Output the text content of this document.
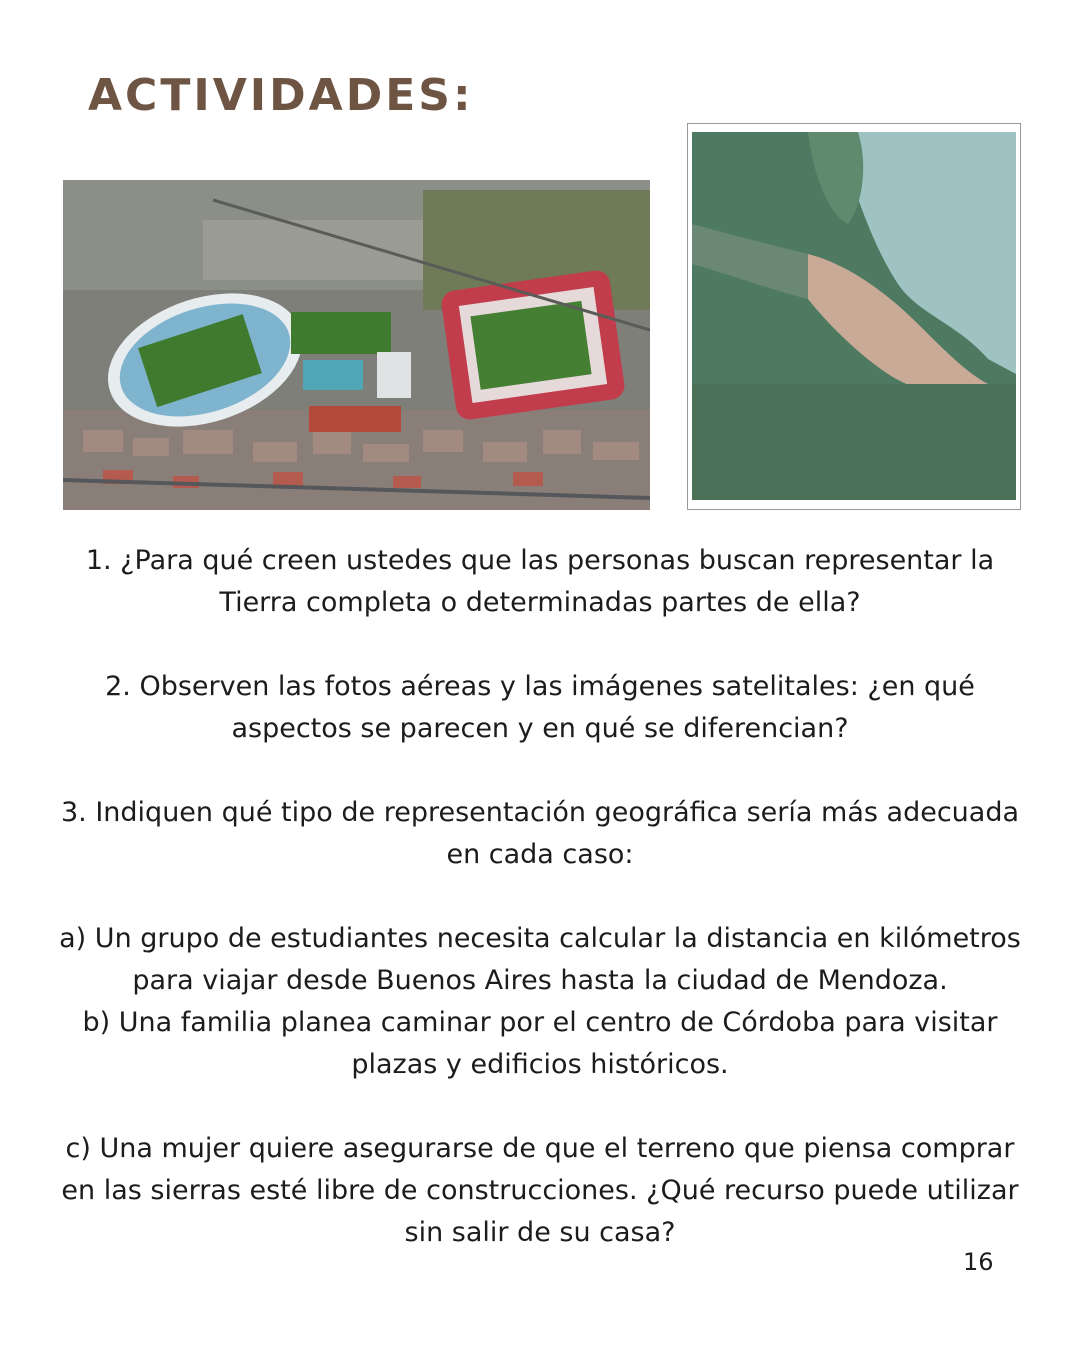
ACTIVIDADES:

1. ¿Para qué creen ustedes que las personas buscan representar la Tierra completa o determinadas partes de ella?

2. Observen las fotos aéreas y las imágenes satelitales: ¿en qué aspectos se parecen y en qué se diferencian?

3. Indiquen qué tipo de representación geográfica sería más adecuada en cada caso:

a) Un grupo de estudiantes necesita calcular la distancia en kilómetros para viajar desde Buenos Aires hasta la ciudad de Mendoza.

b) Una familia planea caminar por el centro de Córdoba para visitar plazas y edificios históricos.

c) Una mujer quiere asegurarse de que el terreno que piensa comprar en las sierras esté libre de construcciones. ¿Qué recurso puede utilizar sin salir de su casa?

16
